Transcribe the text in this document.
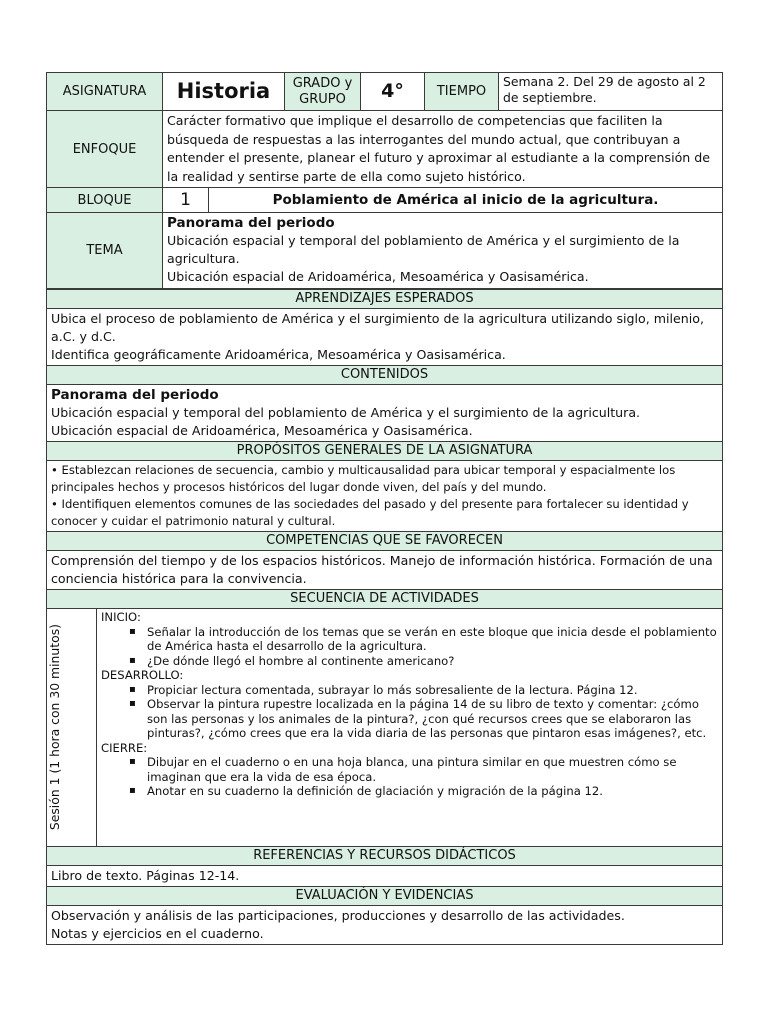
ASIGNATURA	Historia		GRADO y GRUPO	4°	TIEMPO	Semana 2. Del 29 de agosto al 2 de septiembre.
ENFOQUE	Carácter formativo que implique el desarrollo de competencias que faciliten la búsqueda de respuestas a las interrogantes del mundo actual, que contribuyan a entender el presente, planear el futuro y aproximar al estudiante a la comprensión de la realidad y sentirse parte de ella como sujeto histórico.					
BLOQUE	1	Poblamiento de América al inicio de la agricultura.				
TEMA	Panorama del periodo
Ubicación espacial y temporal del poblamiento de América y el surgimiento de la agricultura.
Ubicación espacial de Aridoamérica, Mesoamérica y Oasisamérica.					
APRENDIZAJES ESPERADOS

Ubica el proceso de poblamiento de América y el surgimiento de la agricultura utilizando siglo, milenio, a.C. y d.C.
Identifica geográficamente Aridoamérica, Mesoamérica y Oasisamérica.

CONTENIDOS

Panorama del periodo
Ubicación espacial y temporal del poblamiento de América y el surgimiento de la agricultura.
Ubicación espacial de Aridoamérica, Mesoamérica y Oasisamérica.

PROPÓSITOS GENERALES DE LA ASIGNATURA

• Establezcan relaciones de secuencia, cambio y multicausalidad para ubicar temporal y espacialmente los principales hechos y procesos históricos del lugar donde viven, del país y del mundo.
• Identifiquen elementos comunes de las sociedades del pasado y del presente para fortalecer su identidad y conocer y cuidar el patrimonio natural y cultural.

COMPETENCIAS QUE SE FAVORECEN
Comprensión del tiempo y de los espacios históricos. Manejo de información histórica. Formación de una conciencia histórica para la convivencia.
SECUENCIA DE ACTIVIDADES

Sesión 1 (1 hora con 30 minutos)

INICIO:
▪ Señalar la introducción de los temas que se verán en este bloque que inicia desde el poblamiento de América hasta el desarrollo de la agricultura.
▪ ¿De dónde llegó el hombre al continente americano?
DESARROLLO:
▪ Propiciar lectura comentada, subrayar lo más sobresaliente de la lectura. Página 12.
▪ Observar la pintura rupestre localizada en la página 14 de su libro de texto y comentar: ¿cómo son las personas y los animales de la pintura?, ¿con qué recursos crees que se elaboraron las pinturas?, ¿cómo crees que era la vida diaria de las personas que pintaron esas imágenes?, etc.
CIERRE:
▪ Dibujar en el cuaderno o en una hoja blanca, una pintura similar en que muestren cómo se imaginan que era la vida de esa época.
▪ Anotar en su cuaderno la definición de glaciación y migración de la página 12.

REFERENCIAS Y RECURSOS DIDÁCTICOS
Libro de texto. Páginas 12-14.
EVALUACIÓN Y EVIDENCIAS

Observación y análisis de las participaciones, producciones y desarrollo de las actividades.
Notas y ejercicios en el cuaderno.
